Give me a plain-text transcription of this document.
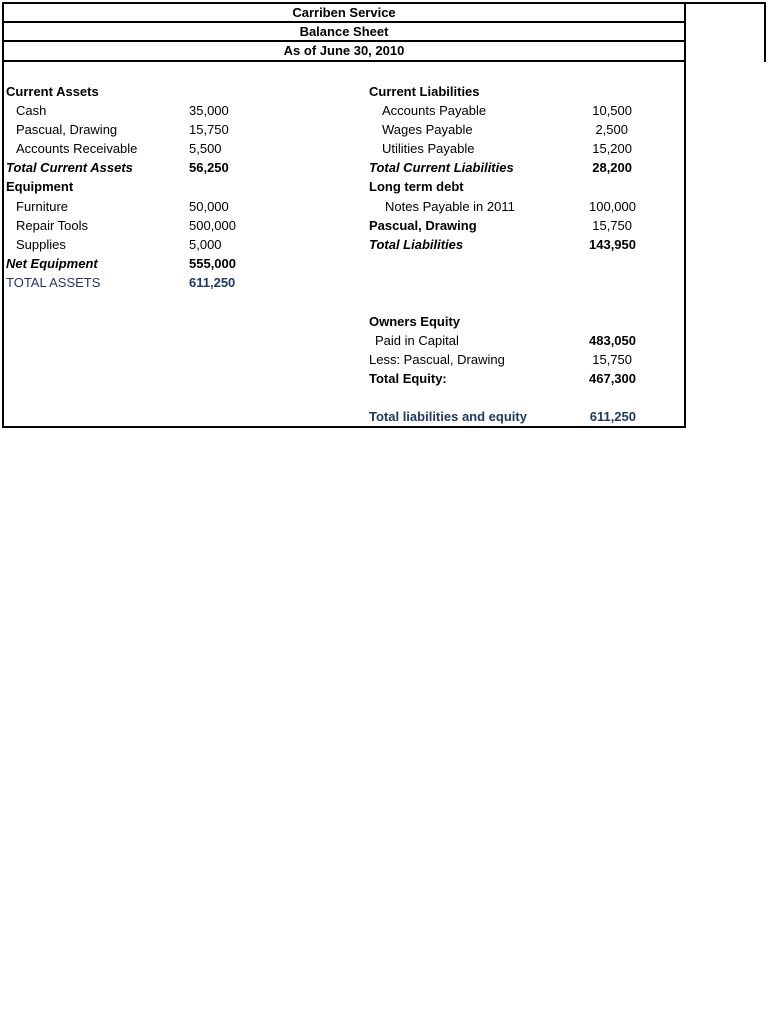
Carriben Service
Balance Sheet
As of June 30, 2010
Current Assets
Cash	35,000
Pascual, Drawing	15,750
Accounts Receivable	5,500
Total Current Assets	56,250
Equipment
Furniture	50,000
Repair Tools	500,000
Supplies	5,000
Net Equipment	555,000
TOTAL ASSETS	611,250
Current Liabilities
Accounts Payable	10,500
Wages Payable	2,500
Utilities Payable	15,200
Total Current Liabilities	28,200
Long term debt
Notes Payable in 2011	100,000
Pascual, Drawing	15,750
Total Liabilities	143,950
Owners Equity
Paid in Capital	483,050
Less: Pascual, Drawing	15,750
Total Equity:	467,300
Total liabilities and equity	611,250
